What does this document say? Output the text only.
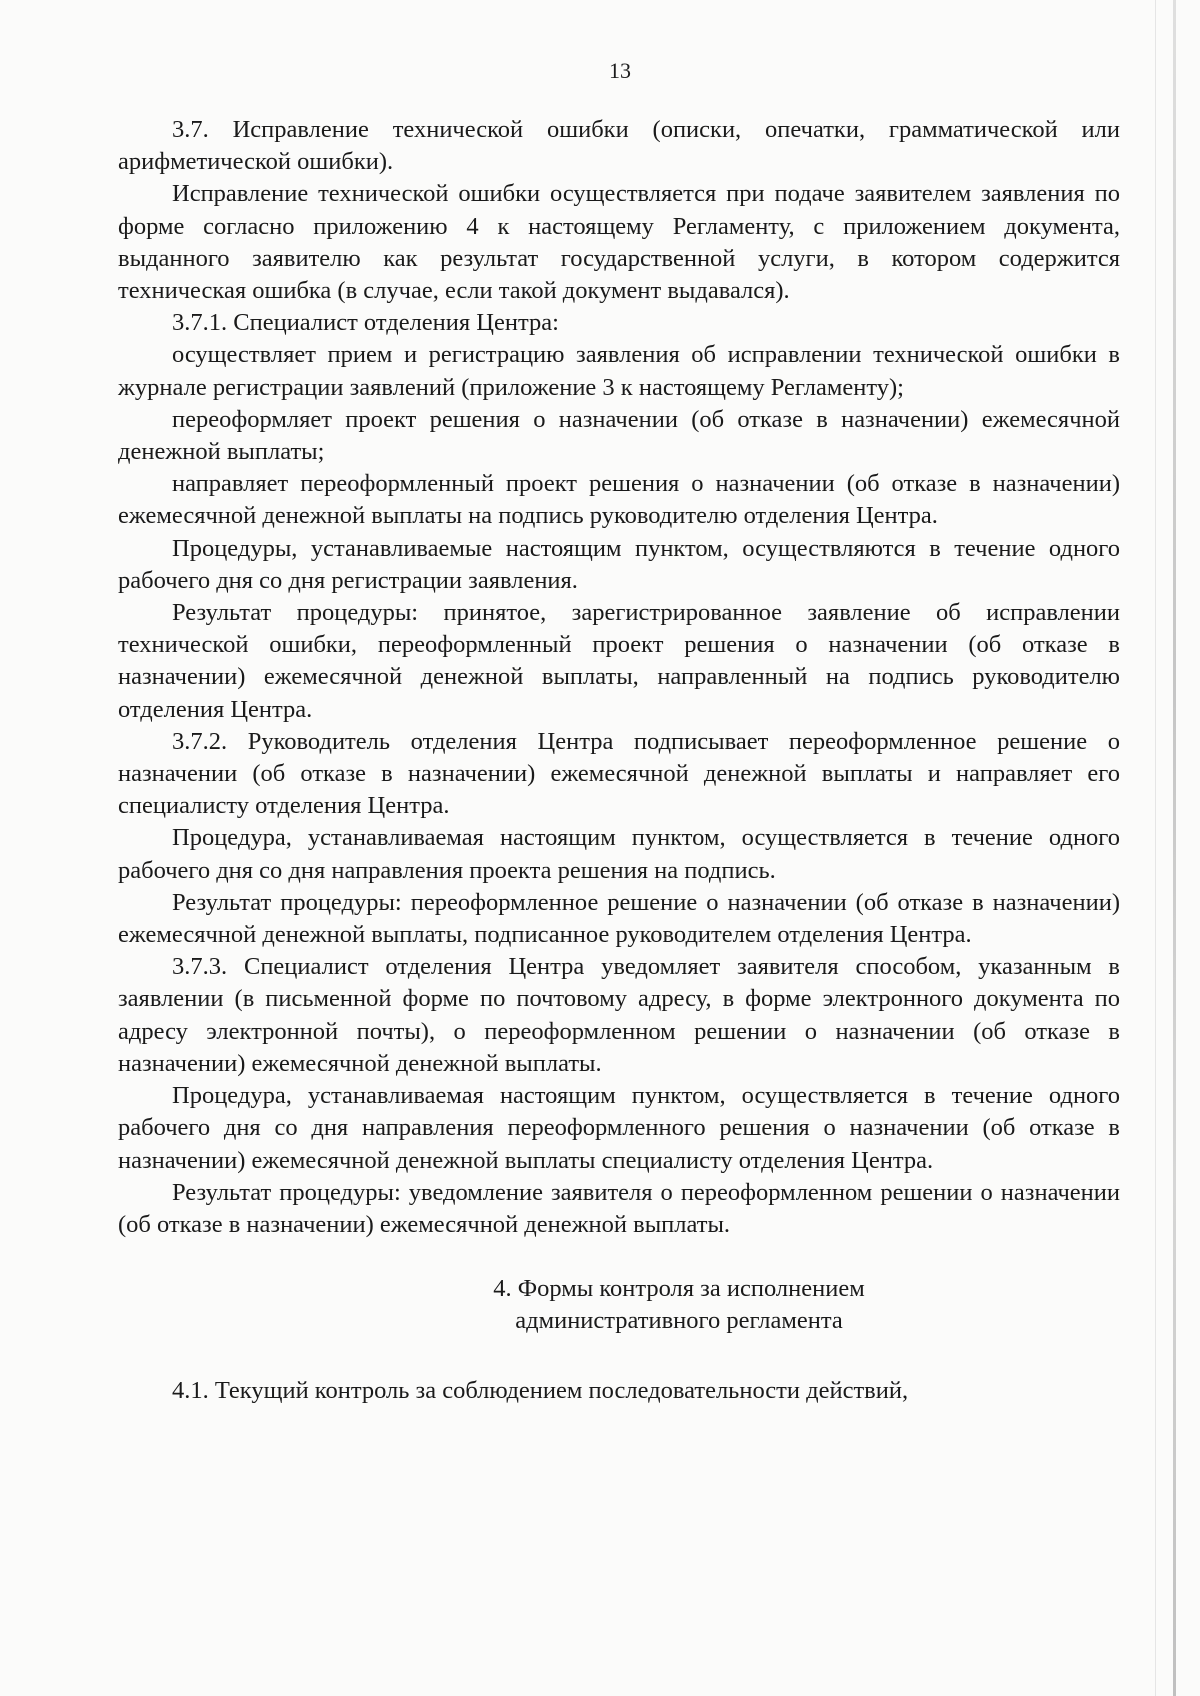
13

3.7. Исправление технической ошибки (описки, опечатки, грамматической или арифметической ошибки).

Исправление технической ошибки осуществляется при подаче заявителем заявления по форме согласно приложению 4 к настоящему Регламенту, с приложением документа, выданного заявителю как результат государственной услуги, в котором содержится техническая ошибка (в случае, если такой документ выдавался).

3.7.1. Специалист отделения Центра:

осуществляет прием и регистрацию заявления об исправлении технической ошибки в журнале регистрации заявлений (приложение 3 к настоящему Регламенту);

переоформляет проект решения о назначении (об отказе в назначении) ежемесячной денежной выплаты;

направляет переоформленный проект решения о назначении (об отказе в назначении) ежемесячной денежной выплаты на подпись руководителю отделения Центра.

Процедуры, устанавливаемые настоящим пунктом, осуществляются в течение одного рабочего дня со дня регистрации заявления.

Результат процедуры: принятое, зарегистрированное заявление об исправлении технической ошибки, переоформленный проект решения о назначении (об отказе в назначении) ежемесячной денежной выплаты, направленный на подпись руководителю отделения Центра.

3.7.2. Руководитель отделения Центра подписывает переоформленное решение о назначении (об отказе в назначении) ежемесячной денежной выплаты и направляет его специалисту отделения Центра.

Процедура, устанавливаемая настоящим пунктом, осуществляется в течение одного рабочего дня со дня направления проекта решения на подпись.

Результат процедуры: переоформленное решение о назначении (об отказе в назначении) ежемесячной денежной выплаты, подписанное руководителем отделения Центра.

3.7.3. Специалист отделения Центра уведомляет заявителя способом, указанным в заявлении (в письменной форме по почтовому адресу, в форме электронного документа по адресу электронной почты), о переоформленном решении о назначении (об отказе в назначении) ежемесячной денежной выплаты.

Процедура, устанавливаемая настоящим пунктом, осуществляется в течение одного рабочего дня со дня направления переоформленного решения о назначении (об отказе в назначении) ежемесячной денежной выплаты специалисту отделения Центра.

Результат процедуры: уведомление заявителя о переоформленном решении о назначении (об отказе в назначении) ежемесячной денежной выплаты.

4. Формы контроля за исполнением
административного регламента

4.1. Текущий контроль за соблюдением последовательности действий,
